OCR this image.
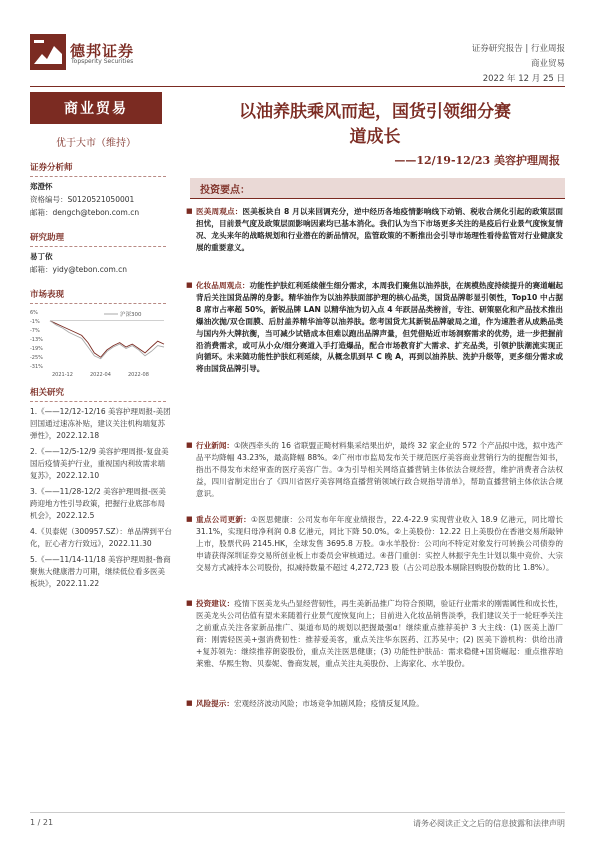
德邦证券
Topsperity Securities
证券研究报告 | 行业周报
商业贸易
2022 年 12 月 25 日
商业贸易
优于大市（维持）
证券分析师
郑澄怀
资格编号：S0120521050001
邮箱：dengch@tebon.com.cn
研究助理
易丁依
邮箱：yidy@tebon.com.cn
市场表现
6%
-1%
-7%
-13%
-19%
-25%
-31%
2021-12	2022-04	2022-08
沪深300
相关研究
1.《——12/12-12/16 美容护理周报-美团回国通过速冻补贴，建议关注机构端复苏弹性》，2022.12.18
2.《——12/5-12/9 美容护理周报-复盘美国后疫情美护行业，重视国内利妆需求端复苏》，2022.12.10
3.《——11/28-12/2 美容护理周报-医美跨迎地方性引导政策，把握行业底部布局机会》，2022.12.5
4.《贝泰妮（300957.SZ）：单品牌到平台化，匠心者方行致远》，2022.11.30
5.《——11/14-11/18 美容护理周报-鲁商聚焦大健康潜力可期，继续低位看多医美板块》，2022.11.22
以油养肤乘风而起，国货引领细分赛
道成长
——12/19-12/23 美容护理周报
投资要点：
■ 医美周观点：医美板块自 8 月以来回调充分，逆中经历各地疫情影响线下动销、税收合规化引起的政策层面担忧，目前景气度及政策层面影响因素均已基本消化。我们认为当下市场更多关注的是疫后行业景气度恢复情况、龙头来年的战略规划和行业潜在的新品情况，监管政策的不断推出会引导市场理性看待监管对行业健康发展的重要意义。
■ 化妆品周观点：功能性护肤红利延续催生细分需求，本周我们聚焦以油养肤，在规模热度持续提升的赛道崛起背后关注国货品牌的身影。精华油作为以油养肤面部护理的核心品类，国货品牌彰显引领性，Top10 中占据 8 席市占率超 50%，新锐品牌 LAN 以精华油为切入点 4 年跃居品类榜首，专注、研策驱化和产品技术推出爆油次抛/双仓面膜、后肘盖养精华油等以油养肤。您考国货尤其新锐品牌破局之道，作为速胜者从成熟品类与国内外大牌抗衡，当可减少试错成本但难以跑出品牌声量，但凭借贴近市场洞察需求的优势，进一步把握前沿消费需求，或可从小众/细分赛道入手打造爆品，配合市场教育扩大需求、扩充品类，引领护肤潮流实现正向循环。未来随功能性护肤红利延续，从概念肌到早 C 晚 A，再到以油养肤、洗护升级等，更多细分需求或将由国货品牌引导。
■ 行业新闻：①陕西牵头的 16 省联盟正畸材料集采结果出炉，最终 32 家企业的 572 个产品拟中选，拟中选产品平均降幅 43.23%，最高降幅 88%。②广州市市监局发布关于规范医疗美容商业营销行为的提醒告知书，指出不得发布未经审查的医疗美容广告。③为引导相关网络直播营销主体依法合规经营，维护消费者合法权益，四川省制定出台了《四川省医疗美容网络直播营销领域行政合规指导清单》，帮助直播营销主体依法合规意识。
■ 重点公司更新：①医思健康：公司发布年年度业绩报告，22.4-22.9 实现营业收入 18.9 亿港元，同比增长 31.1%，实现归母净利润 0.8 亿港元，同比下降 50.0%。②上美股份：12.22 日上美股份在香港交易所敲钟上市，股票代码 2145.HK，全球发售 3695.8 万股。③水羊股份：公司向不特定对象发行可转换公司债券的申请获得深圳证券交易所创业板上市委员会审核通过。④普门重创：实控人林振宇先生计划以集中竞价、大宗交易方式减持本公司股份，拟减持数量不超过 4,272,723 股（占公司总股本剔除回购股份数的比 1.8%）。
■ 投资建议：疫情下医美龙头凸显经营韧性，再生美新品推广均符合预期，验证行业需求的刚需属性和成长性，医美龙头公司估值有望未来随着行业景气度恢复向上；目前进入化妆品销售淡季，我们建议关于一轮旺季关注之前重点关注各家新品推广、渠道布局的规划以把握最强α！继续重点推荐美护 3 大主线：(1) 医美上游厂商：刚需轻医美+强消费韧性：推荐爱美客，重点关注华东医药、江苏吴中；(2) 医美下游机构：供给出清+复苏领先：继续推荐朗姿股份，重点关注医思健康；(3) 功能性护肤品：需求稳健+国货崛起：重点推荐珀莱雅、华熙生物、贝泰妮、鲁商发展，重点关注丸美股份、上海家化、水羊股份。
■ 风险提示：宏观经济波动风险；市场竞争加剧风险；疫情反复风险。
1 / 21	请务必阅读正文之后的信息披露和法律声明
